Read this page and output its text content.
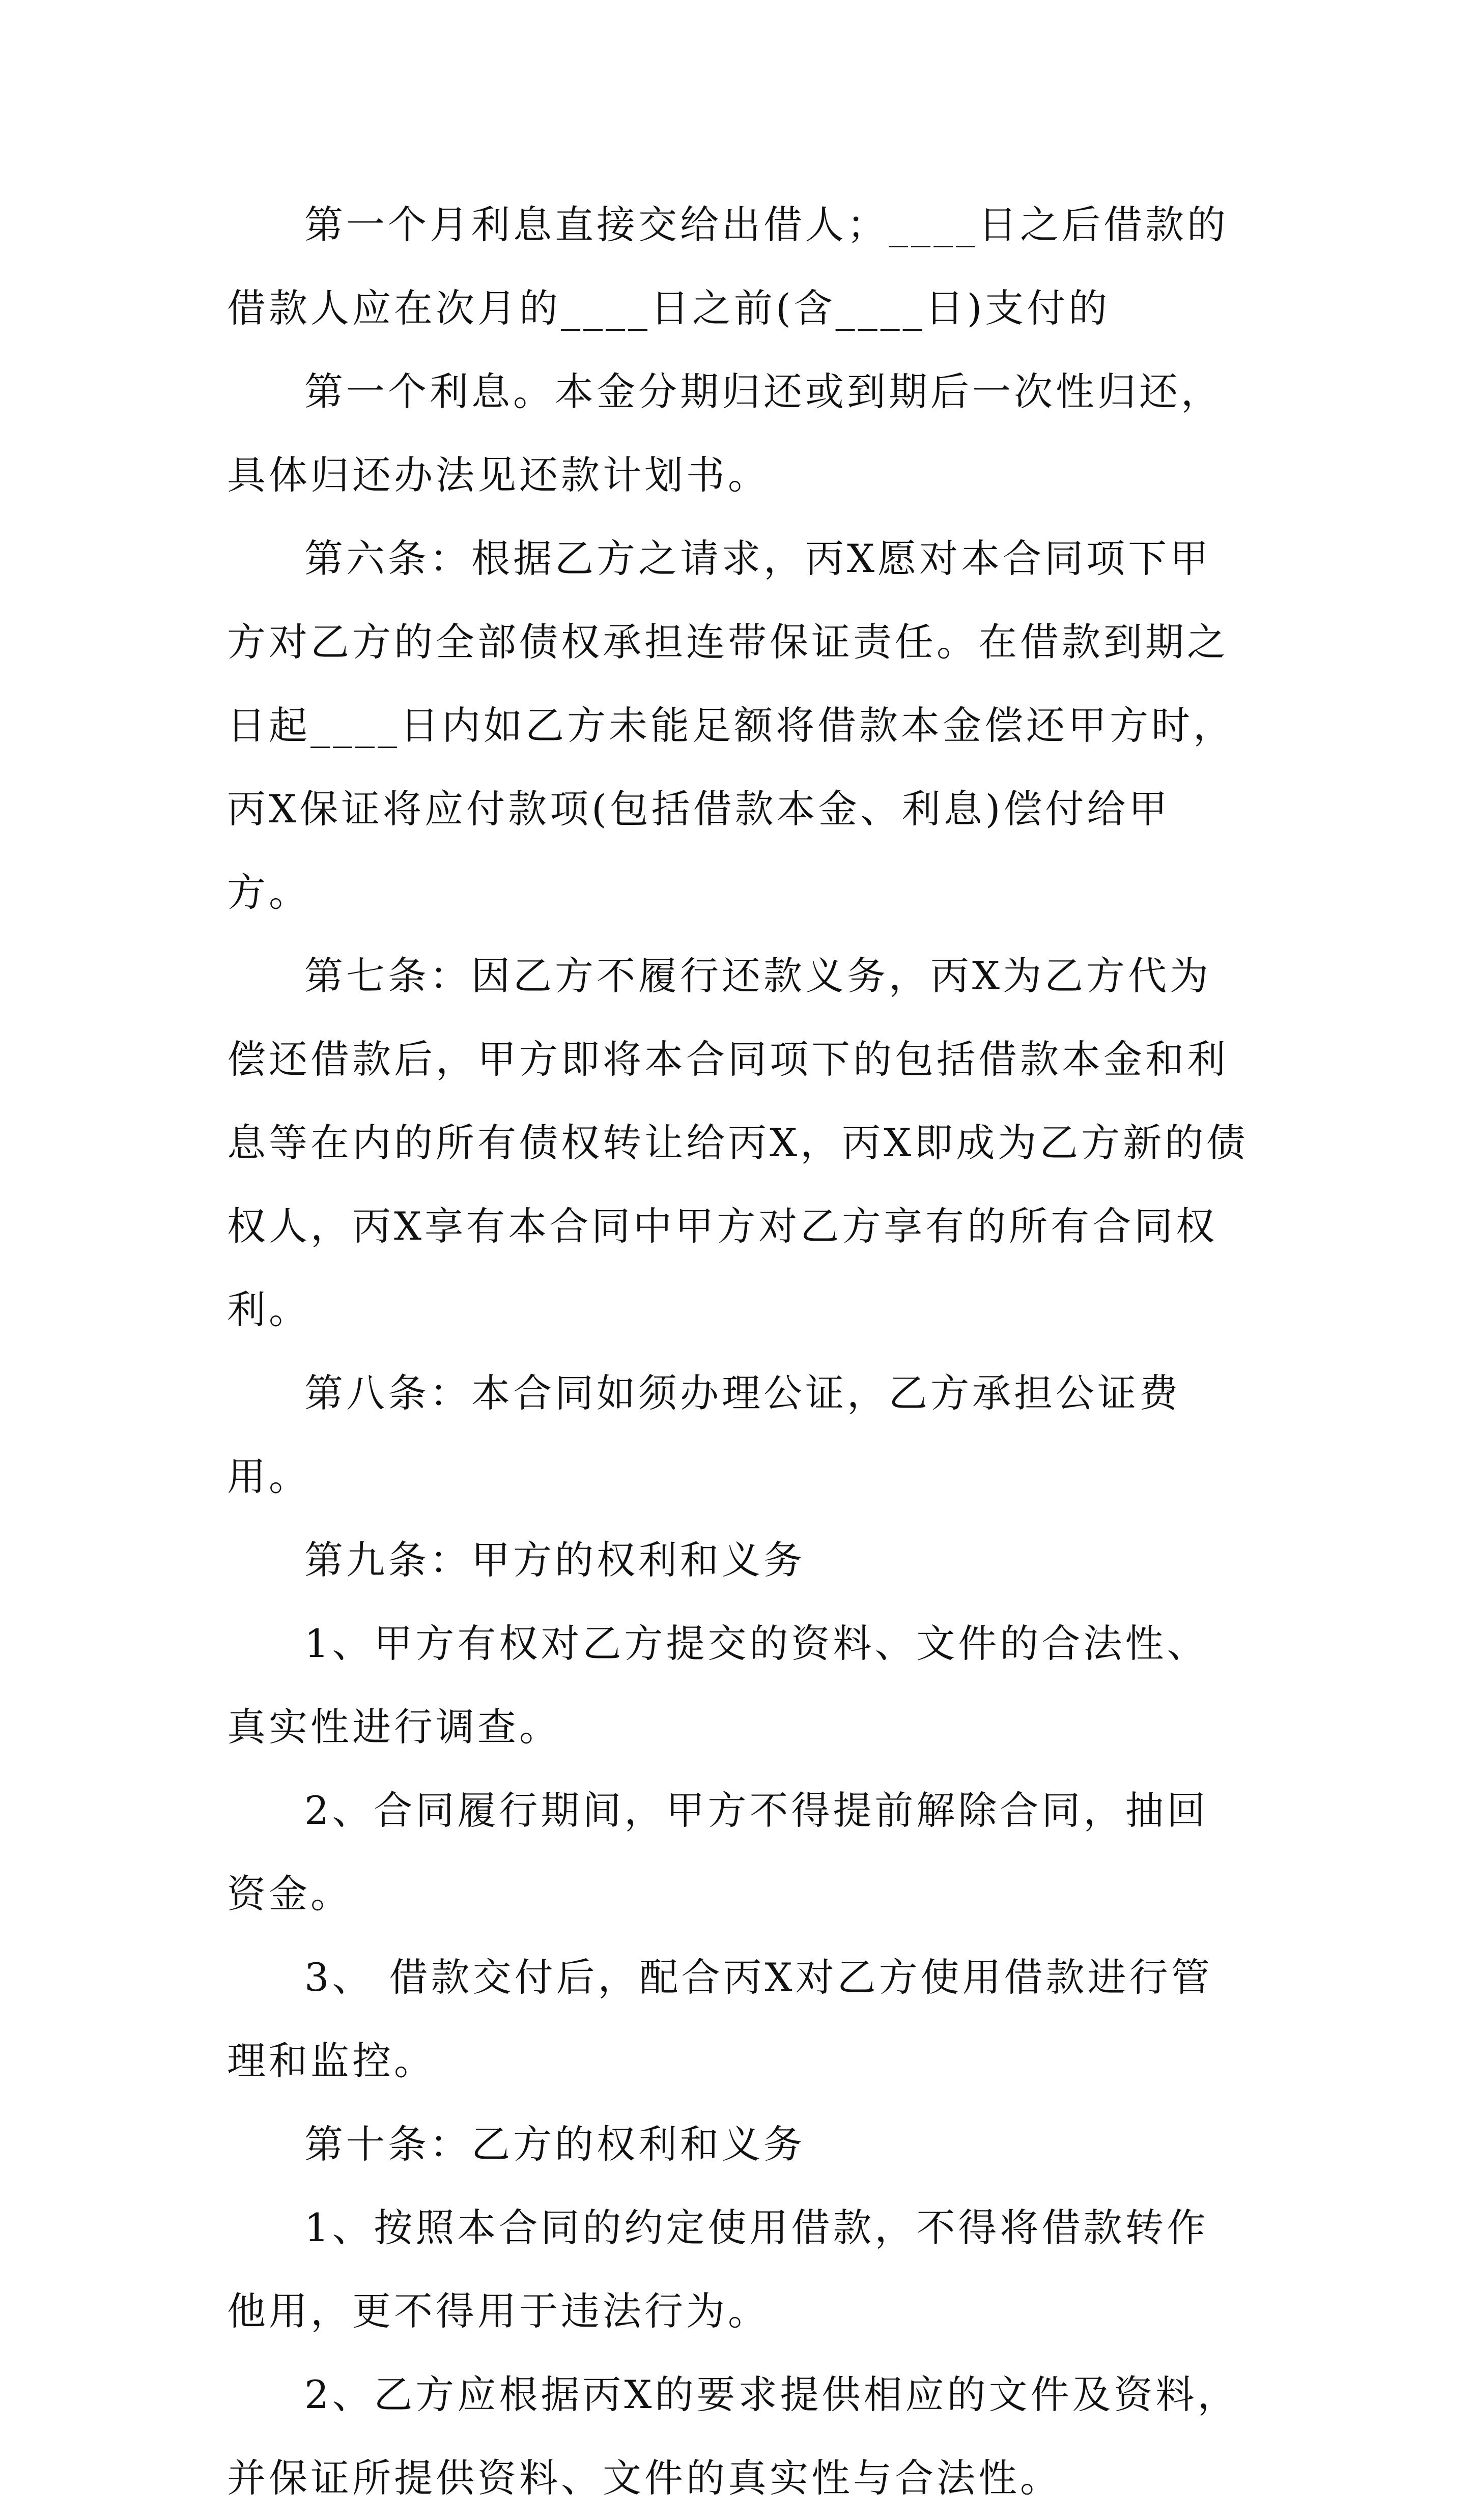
第一个月利息直接交给出借人；____日之后借款的借款人应在次月的____日之前(含____日)支付的

第一个利息。本金分期归还或到期后一次性归还，具体归还办法见还款计划书。

第六条：根据乙方之请求，丙X愿对本合同项下甲方对乙方的全部债权承担连带保证责任。在借款到期之日起____日内如乙方未能足额将借款本金偿还甲方时，丙X保证将应付款项(包括借款本金、利息)偿付给甲方。

第七条：因乙方不履行还款义务，丙X为乙方代为偿还借款后，甲方即将本合同项下的包括借款本金和利息等在内的所有债权转让给丙X，丙X即成为乙方新的债权人，丙X享有本合同中甲方对乙方享有的所有合同权利。

第八条：本合同如须办理公证，乙方承担公证费用。

第九条：甲方的权利和义务

1、甲方有权对乙方提交的资料、文件的合法性、真实性进行调查。

2、合同履行期间，甲方不得提前解除合同，抽回资金。

3、 借款交付后，配合丙X对乙方使用借款进行管理和监控。

第十条：乙方的权利和义务

1、按照本合同的约定使用借款，不得将借款转作他用，更不得用于违法行为。

2、乙方应根据丙X的要求提供相应的文件及资料，并保证所提供资料、文件的真实性与合法性。
